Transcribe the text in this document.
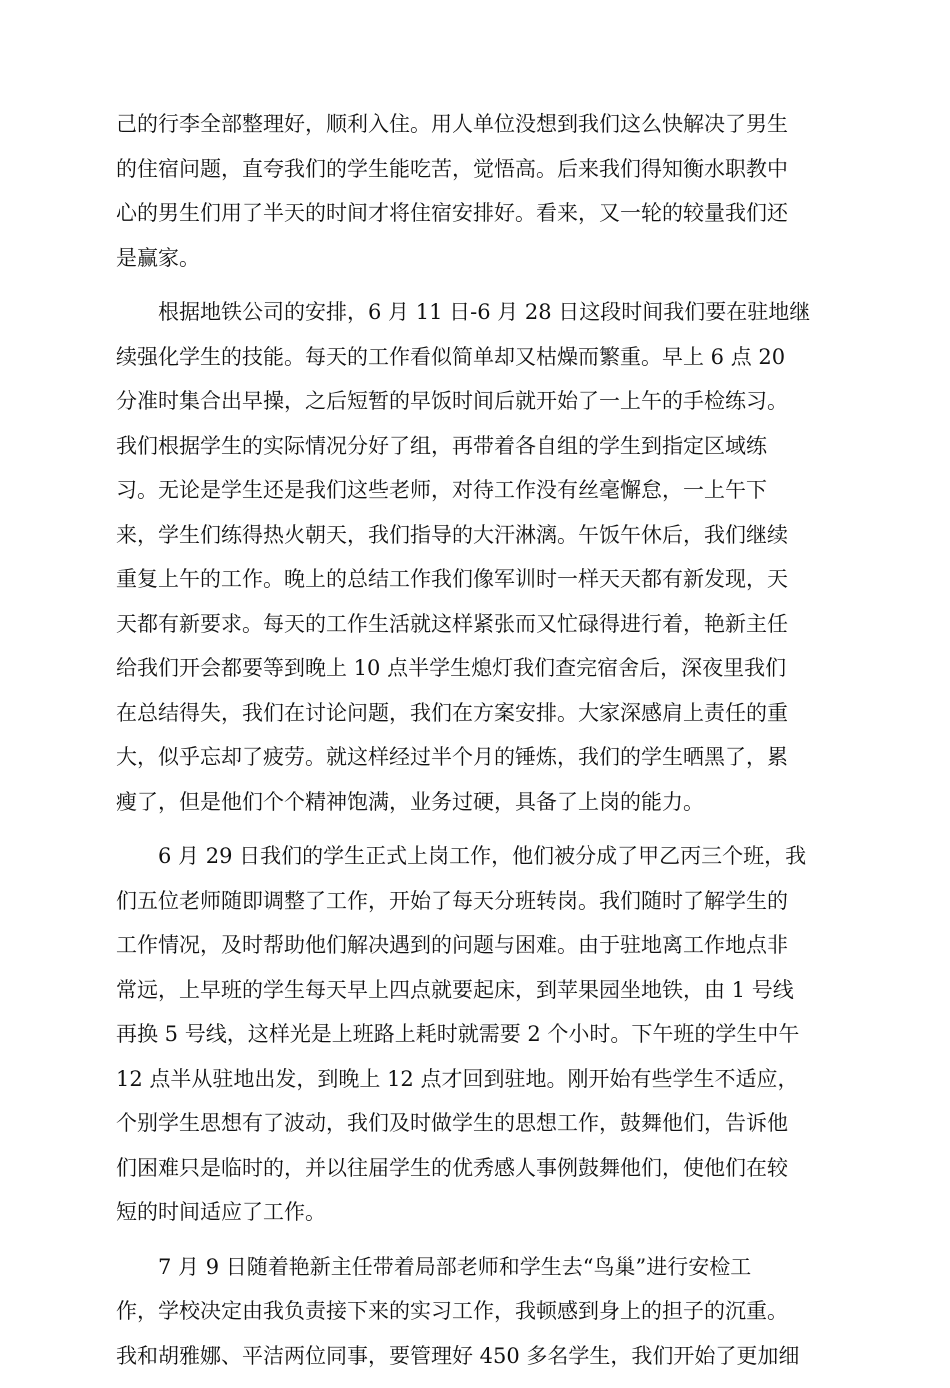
己的行李全部整理好，顺利入住。用人单位没想到我们这么快解决了男生
的住宿问题，直夸我们的学生能吃苦，觉悟高。后来我们得知衡水职教中
心的男生们用了半天的时间才将住宿安排好。看来，又一轮的较量我们还
是赢家。

根据地铁公司的安排，6 月 11 日-6 月 28 日这段时间我们要在驻地继
续强化学生的技能。每天的工作看似简单却又枯燥而繁重。早上 6 点 20
分准时集合出早操，之后短暂的早饭时间后就开始了一上午的手检练习。
我们根据学生的实际情况分好了组，再带着各自组的学生到指定区域练
习。无论是学生还是我们这些老师，对待工作没有丝毫懈怠，一上午下
来，学生们练得热火朝天，我们指导的大汗淋漓。午饭午休后，我们继续
重复上午的工作。晚上的总结工作我们像军训时一样天天都有新发现，天
天都有新要求。每天的工作生活就这样紧张而又忙碌得进行着，艳新主任
给我们开会都要等到晚上 10 点半学生熄灯我们查完宿舍后，深夜里我们
在总结得失，我们在讨论问题，我们在方案安排。大家深感肩上责任的重
大，似乎忘却了疲劳。就这样经过半个月的锤炼，我们的学生晒黑了，累
瘦了，但是他们个个精神饱满，业务过硬，具备了上岗的能力。

6 月 29 日我们的学生正式上岗工作，他们被分成了甲乙丙三个班，我
们五位老师随即调整了工作，开始了每天分班转岗。我们随时了解学生的
工作情况，及时帮助他们解决遇到的问题与困难。由于驻地离工作地点非
常远，上早班的学生每天早上四点就要起床，到苹果园坐地铁，由 1 号线
再换 5 号线，这样光是上班路上耗时就需要 2 个小时。下午班的学生中午
12 点半从驻地出发，到晚上 12 点才回到驻地。刚开始有些学生不适应，
个别学生思想有了波动，我们及时做学生的思想工作，鼓舞他们，告诉他
们困难只是临时的，并以往届学生的优秀感人事例鼓舞他们，使他们在较
短的时间适应了工作。

7 月 9 日随着艳新主任带着局部老师和学生去“鸟巢”进行安检工
作，学校决定由我负责接下来的实习工作，我顿感到身上的担子的沉重。
我和胡雅娜、平洁两位同事，要管理好 450 多名学生，我们开始了更加细
